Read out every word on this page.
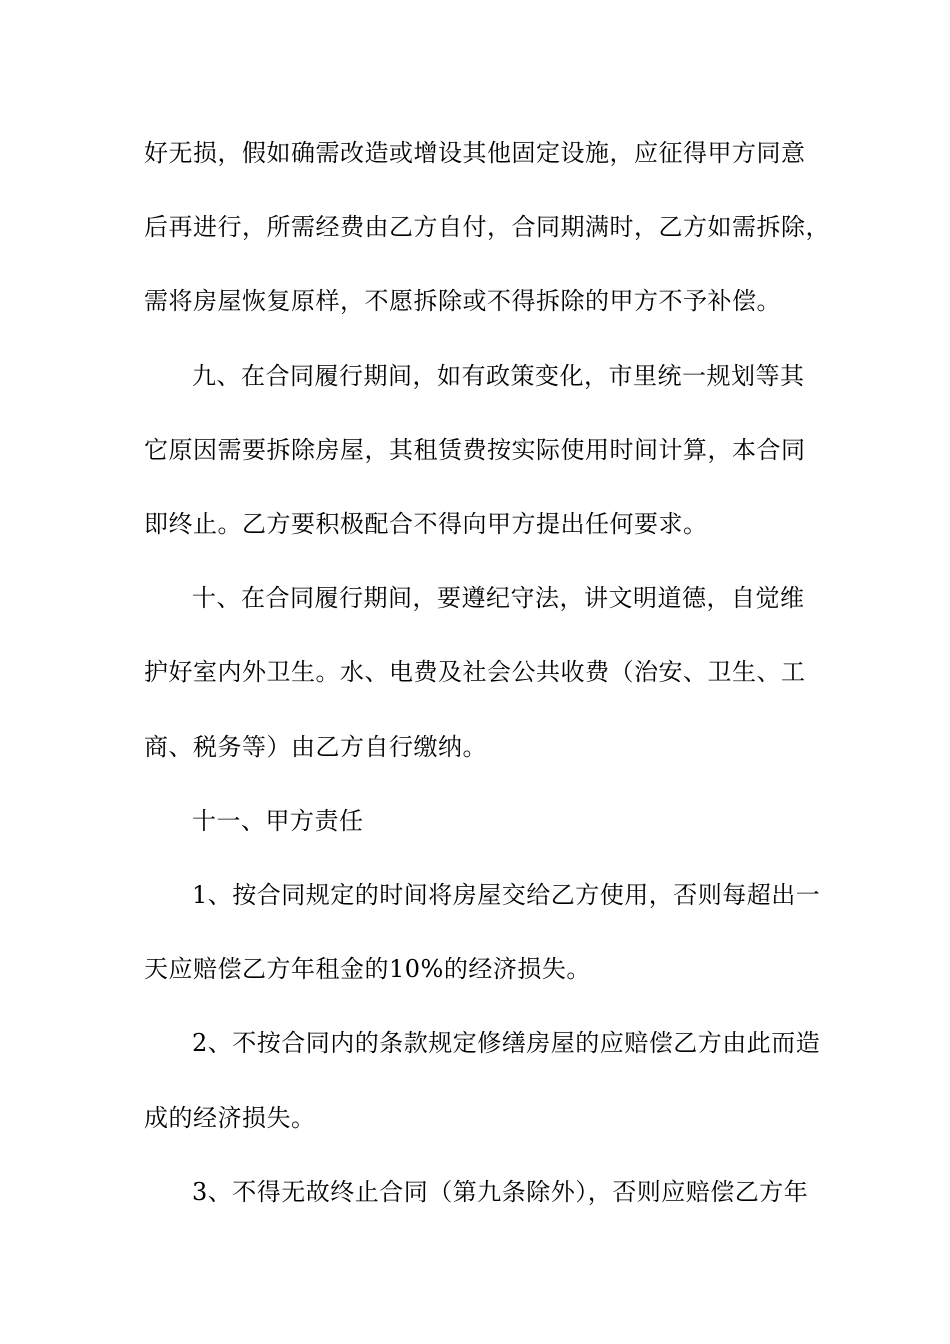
好无损，假如确需改造或增设其他固定设施，应征得甲方同意
后再进行，所需经费由乙方自付，合同期满时，乙方如需拆除，
需将房屋恢复原样，不愿拆除或不得拆除的甲方不予补偿。
九、在合同履行期间，如有政策变化，市里统一规划等其
它原因需要拆除房屋，其租赁费按实际使用时间计算，本合同
即终止。乙方要积极配合不得向甲方提出任何要求。
十、在合同履行期间，要遵纪守法，讲文明道德，自觉维
护好室内外卫生。水、电费及社会公共收费（治安、卫生、工
商、税务等）由乙方自行缴纳。
十一、甲方责任
1、按合同规定的时间将房屋交给乙方使用，否则每超出一
天应赔偿乙方年租金的10%的经济损失。
2、不按合同内的条款规定修缮房屋的应赔偿乙方由此而造
成的经济损失。
3、不得无故终止合同（第九条除外），否则应赔偿乙方年
